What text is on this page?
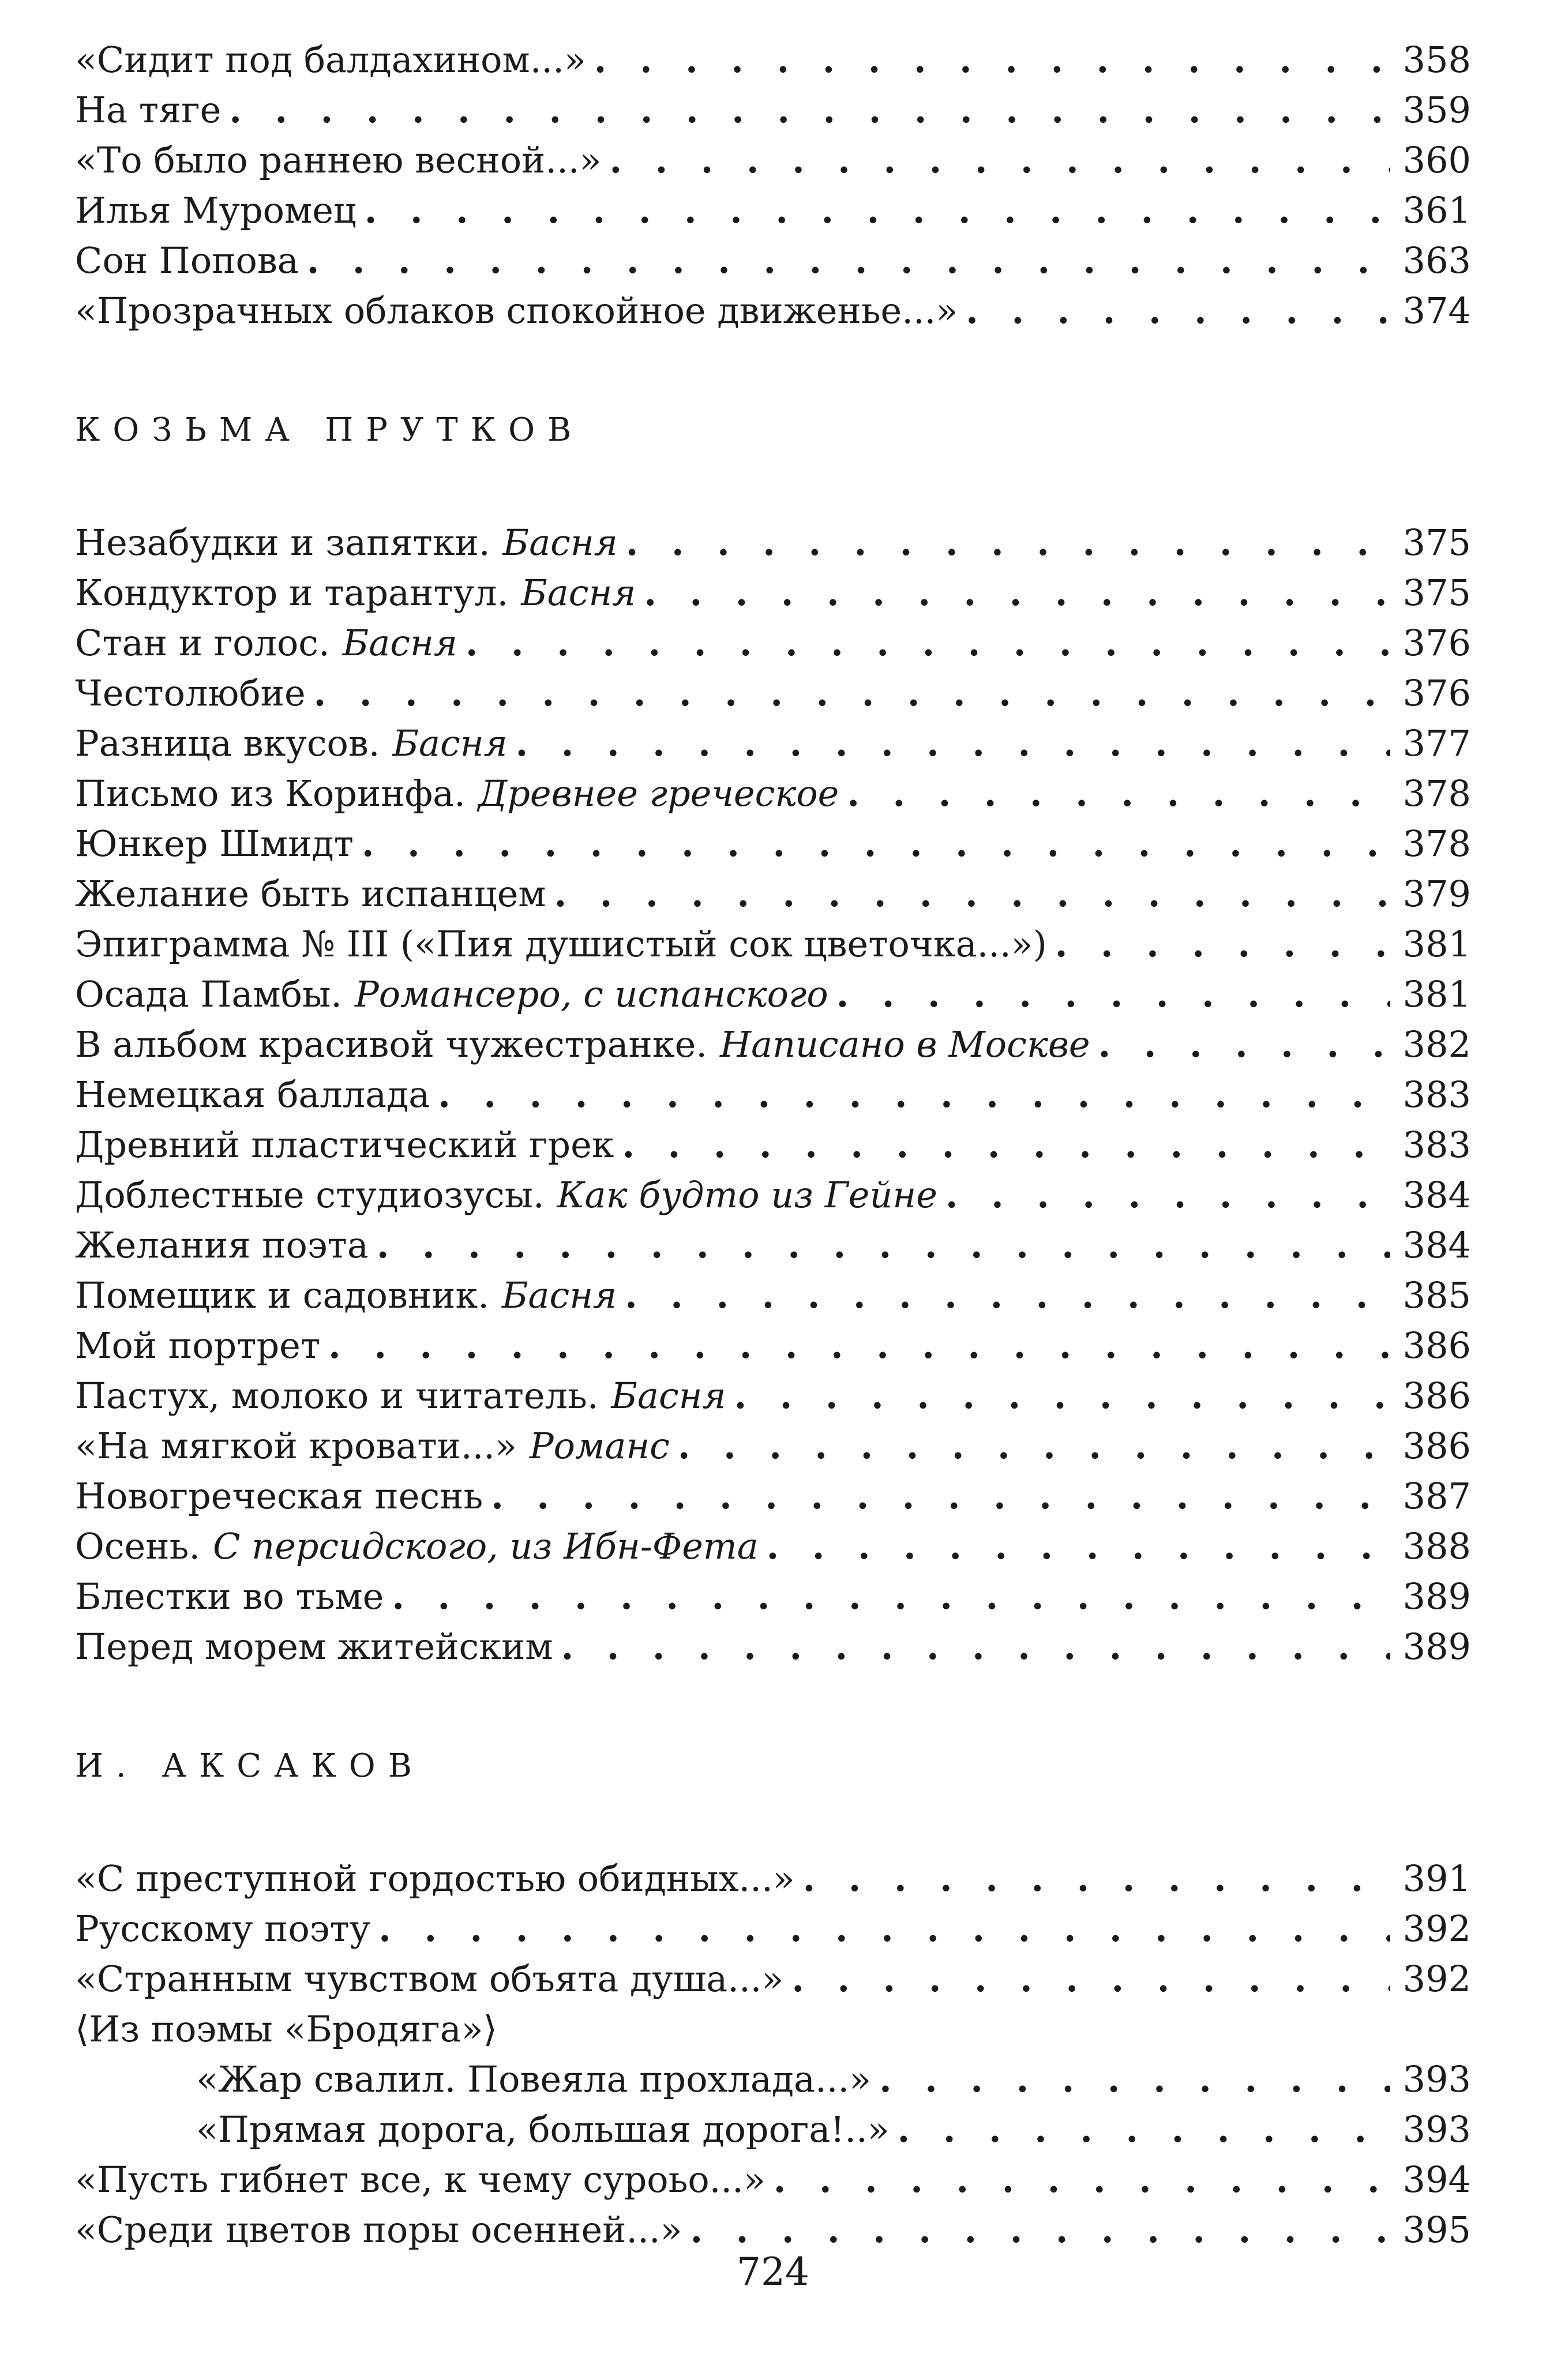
«Сидит под балдахином...» . . .	358
На тяге . . .	359
«То было раннею весной...» . . .	360
Илья Муромец . . .	361
Сон Попова . . .	363
«Прозрачных облаков спокойное движенье...» . . .	374
КОЗЬМА ПРУТКОВ
Незабудки и запятки. Басня . . .	375
Кондуктор и тарантул. Басня . . .	375
Стан и голос. Басня . . .	376
Честолюбие . . .	376
Разница вкусов. Басня . . .	377
Письмо из Коринфа. Древнее греческое . . .	378
Юнкер Шмидт . . .	378
Желание быть испанцем . . .	379
Эпиграмма № III («Пия душистый сок цветочка...») . . .	381
Осада Памбы. Романсеро, с испанского . . .	381
В альбом красивой чужестранке. Написано в Москве . . .	382
Немецкая баллада . . .	383
Древний пластический грек . . .	383
Доблестные студиозусы. Как будто из Гейне . . .	384
Желания поэта . . .	384
Помещик и садовник. Басня . . .	385
Мой портрет . . .	386
Пастух, молоко и читатель. Басня . . .	386
«На мягкой кровати...» Романс . . .	386
Новогреческая песнь . . .	387
Осень. С персидского, из Ибн-Фета . . .	388
Блестки во тьме . . .	389
Перед морем житейским . . .	389
И. АКСАКОВ
«С преступной гордостью обидных...» . . .	391
Русскому поэту . . .	392
«Странным чувством объята душа...» . . .	392
⟨Из поэмы «Бродяга»⟩
«Жар свалил. Повеяла прохлада...» . . .	393
«Прямая дорога, большая дорога!..» . . .	393
«Пусть гибнет все, к чему суроьо...» . . .	394
«Среди цветов поры осенней...» . . .	395
724
